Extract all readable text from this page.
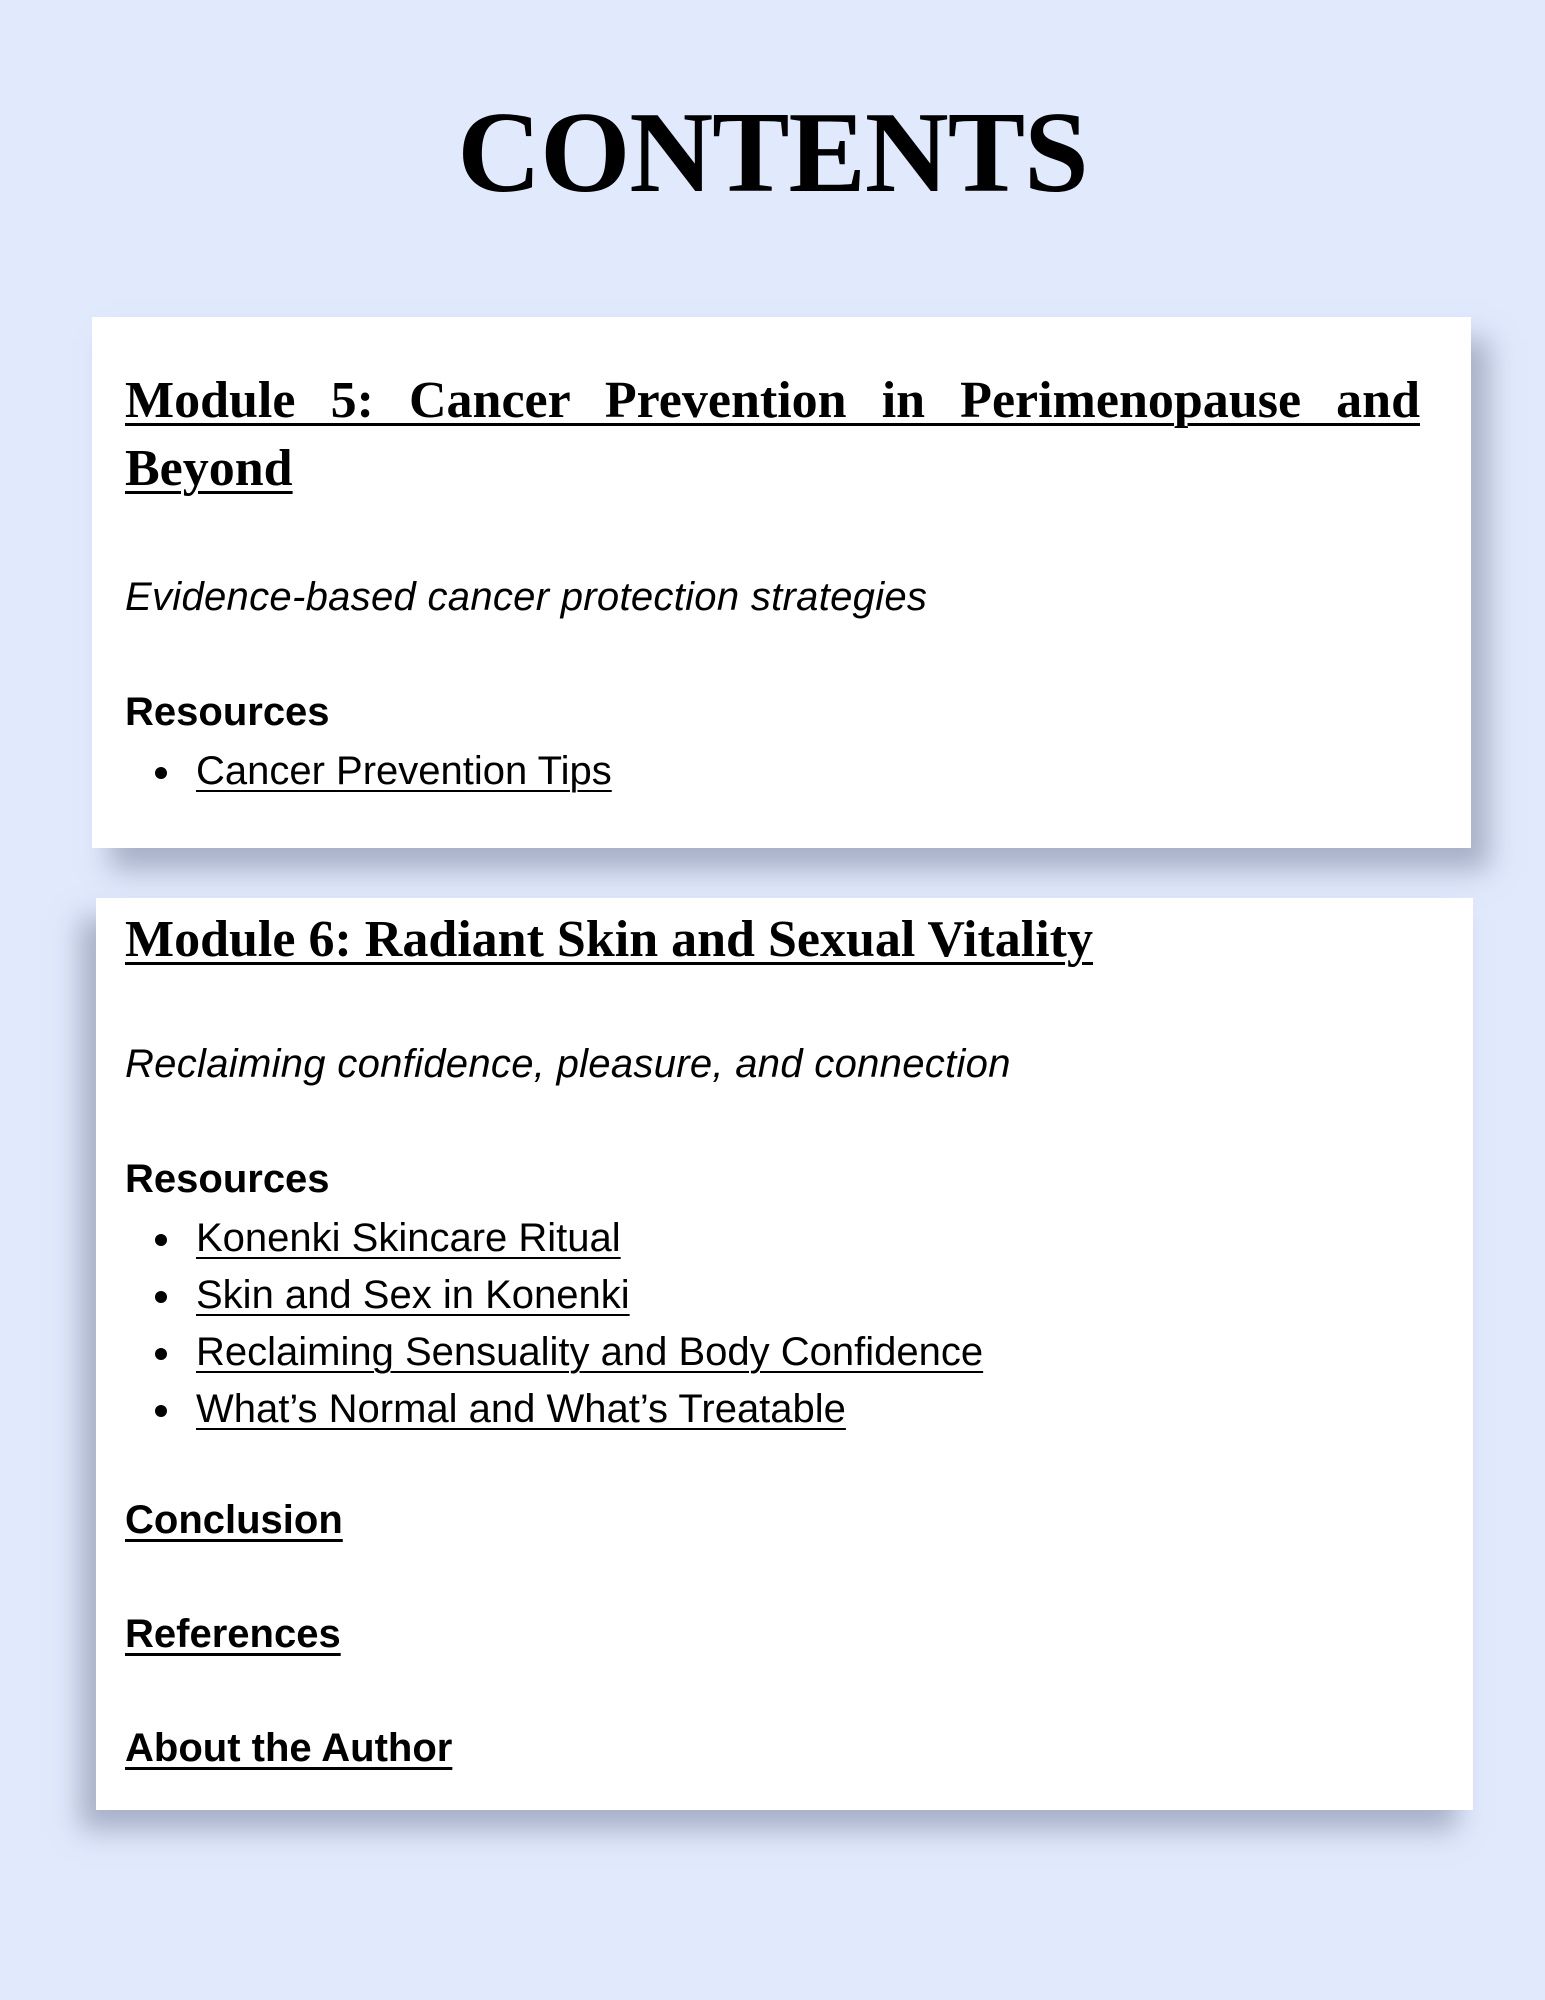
CONTENTS
Module 5: Cancer Prevention in Perimenopause and Beyond

Evidence-based cancer protection strategies

Resources
Cancer Prevention Tips
Module 6: Radiant Skin and Sexual Vitality

Reclaiming confidence, pleasure, and connection

Resources
Konenki Skincare Ritual
Skin and Sex in Konenki
Reclaiming Sensuality and Body Confidence
What’s Normal and What’s Treatable
Conclusion
References
About the Author
